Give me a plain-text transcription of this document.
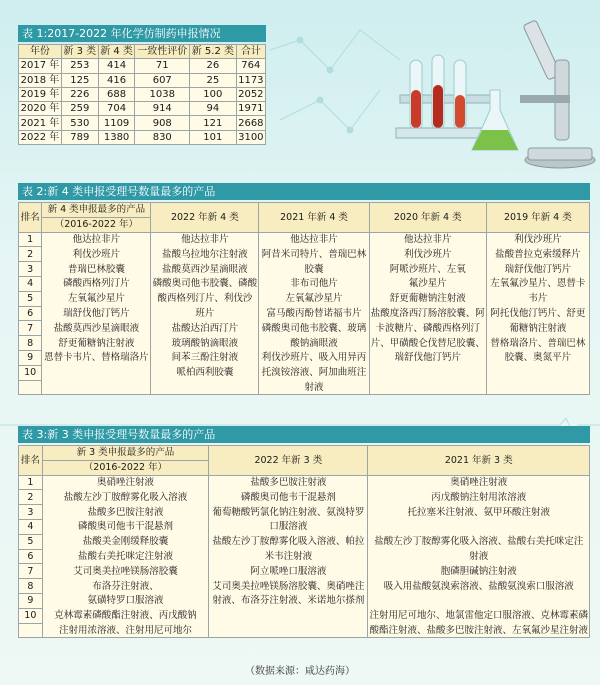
表 1:2017-2022 年化学仿制药申报情况
年份	新 3 类	新 4 类	一致性评价	新 5.2 类	合计
2017 年	253	414	71	26	764
2018 年	125	416	607	25	1173
2019 年	226	688	1038	100	2052
2020 年	259	704	914	94	1971
2021 年	530	1109	908	121	2668
2022 年	789	1380	830	101	3100
表 2:新 4 类申报受理号数量最多的产品
排名	新 4 类申报最多的产品	2022 年新 4 类	2021 年新 4 类	2020 年新 4 类	2019 年新 4 类
	（2016-2022 年）				
1	他达拉非片	他达拉非片	他达拉非片	他达拉非片	利伐沙班片
2	利伐沙班片	盐酸乌拉地尔注射液	阿昔米司特片、普瑞巴林	利伐沙班片	盐酸普拉克索缓释片
3	普瑞巴林胶囊	盐酸莫西沙星滴眼液	胶囊	阿哌沙班片、左氧	瑞舒伐他汀钙片
4	磷酸西格列汀片	磷酸奥司他韦胶囊、磷酸	非布司他片	氟沙星片	左氧氟沙星片、恩替卡
5	左氧氟沙星片	酸西格列汀片、利伐沙	左氧氟沙星片	舒更葡糖钠注射液	韦片
6	瑞舒伐他汀钙片	班片	富马酸丙酚替诺福韦片	盐酸度洛西汀肠溶胶囊、阿	阿托伐他汀钙片、舒更
7	盐酸莫西沙星滴眼液	盐酸达泊西汀片	磷酸奥司他韦胶囊、玻璃	卡波糖片、磷酸西格列汀	葡糖钠注射液
8	舒更葡糖钠注射液	玻璃酸钠滴眼液	酸钠滴眼液	片、甲磺酸仑伐替尼胶囊、	替格瑞洛片、普瑞巴林
9	恩替卡韦片、替格瑞洛片	间苯三酚注射液	利伐沙班片、吸入用异丙	瑞舒伐他汀钙片	胶囊、奥氮平片
10		哌柏西利胶囊	托溴铵溶液、阿加曲班注		
			射液		
表 3:新 3 类申报受理号数量最多的产品
排名	新 3 类申报最多的产品	2022 年新 3 类	2021 年新 3 类
	（2016-2022 年）		
1	奥硝唑注射液	盐酸多巴胺注射液	奥硝唑注射液
2	盐酸左沙丁胺醇雾化吸入溶液	磷酸奥司他韦干混悬剂	丙戊酸钠注射用浓溶液
3	盐酸多巴胺注射液	葡萄糖酸钙氯化钠注射液、氨溴特罗	托拉塞米注射液、氨甲环酸注射液
4	磷酸奥司他韦干混悬剂	口服溶液	
5	盐酸美金刚缓释胶囊	盐酸左沙丁胺醇雾化吸入溶液、帕拉	盐酸左沙丁胺醇雾化吸入溶液、盐酸右美托咪定注
6	盐酸右美托咪定注射液	米韦注射液	射液
7	艾司奥美拉唑镁肠溶胶囊	阿立哌唑口服溶液	胞磷胆碱钠注射液
8	布洛芬注射液、	艾司奥美拉唑镁肠溶胶囊、奥硝唑注	吸入用盐酸氨溴索溶液、盐酸氨溴索口服溶液
9	氨磺特罗口服溶液	射液、布洛芬注射液、米诺地尔搽剂	
10	克林霉素磷酸酯注射液、丙戊酸钠		注射用尼可地尔、地氯雷他定口服溶液、克林霉素磷
	注射用浓溶液、注射用尼可地尔		酸酯注射液、盐酸多巴胺注射液、左氧氟沙星注射液
（数据来源：咸达药海）
